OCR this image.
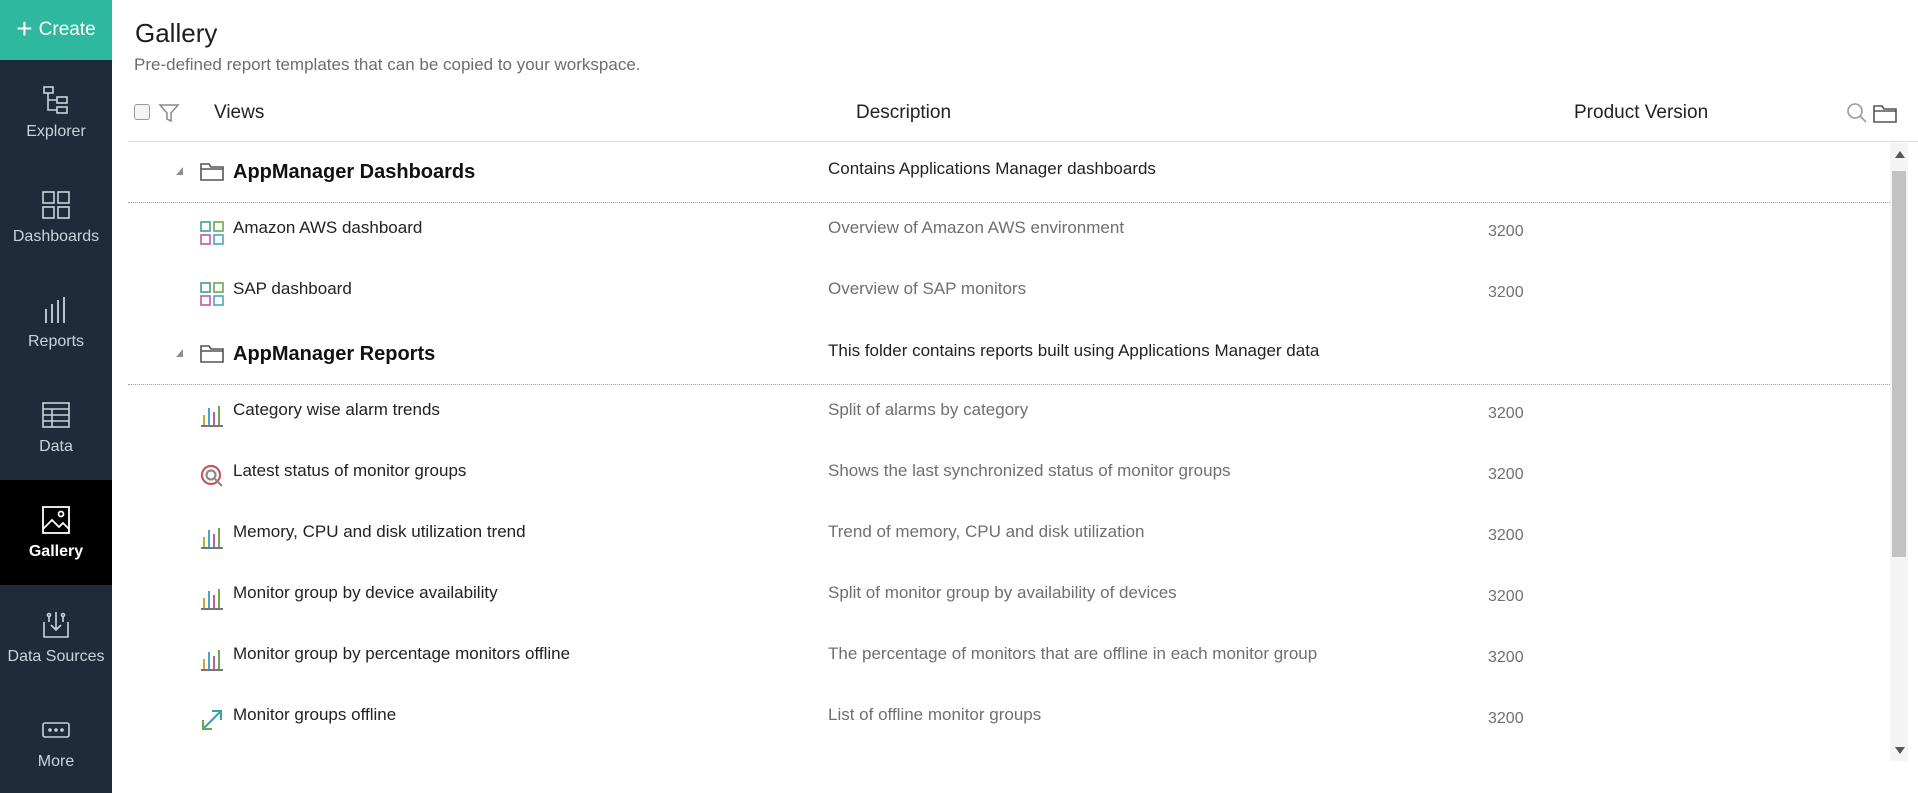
+ Create
Explorer
Dashboards
Reports
Data
Gallery
Data Sources
More
Gallery
Pre-defined report templates that can be copied to your workspace.
Views	Description	Product Version
AppManager Dashboards	Contains Applications Manager dashboards
Amazon AWS dashboard	Overview of Amazon AWS environment	3200
SAP dashboard	Overview of SAP monitors	3200
AppManager Reports	This folder contains reports built using Applications Manager data
Category wise alarm trends	Split of alarms by category	3200
Latest status of monitor groups	Shows the last synchronized status of monitor groups	3200
Memory, CPU and disk utilization trend	Trend of memory, CPU and disk utilization	3200
Monitor group by device availability	Split of monitor group by availability of devices	3200
Monitor group by percentage monitors offline	The percentage of monitors that are offline in each monitor group	3200
Monitor groups offline	List of offline monitor groups	3200
